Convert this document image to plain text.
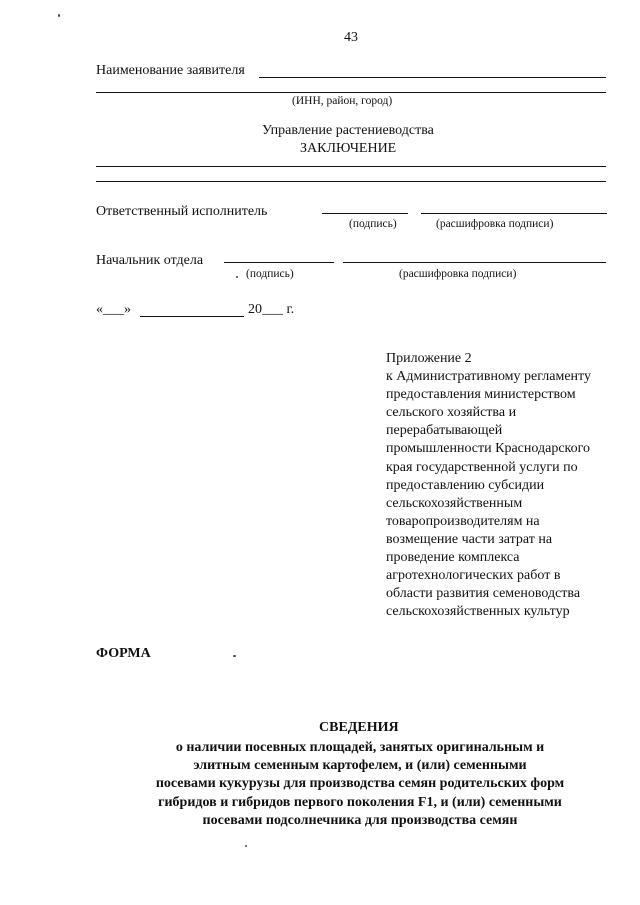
43
Наименование заявителя
(ИНН, район, город)
Управление растениеводства
ЗАКЛЮЧЕНИЕ
Ответственный исполнитель
(подпись)	(расшифровка подписи)
Начальник отдела
(подпись)	(расшифровка подписи)
«___»	20___ г.
Приложение 2
к Административному регламенту
предоставления министерством
сельского хозяйства и
перерабатывающей
промышленности Краснодарского
края государственной услуги по
предоставлению субсидии
сельскохозяйственным
товаропроизводителям на
возмещение части затрат на
проведение комплекса
агротехнологических работ в
области развития семеноводства
сельскохозяйственных культур
ФОРМА
СВЕДЕНИЯ
о наличии посевных площадей, занятых оригинальным и
элитным семенным картофелем, и (или) семенными
посевами кукурузы для производства семян родительских форм
гибридов и гибридов первого поколения F1, и (или) семенными
посевами подсолнечника для производства семян
